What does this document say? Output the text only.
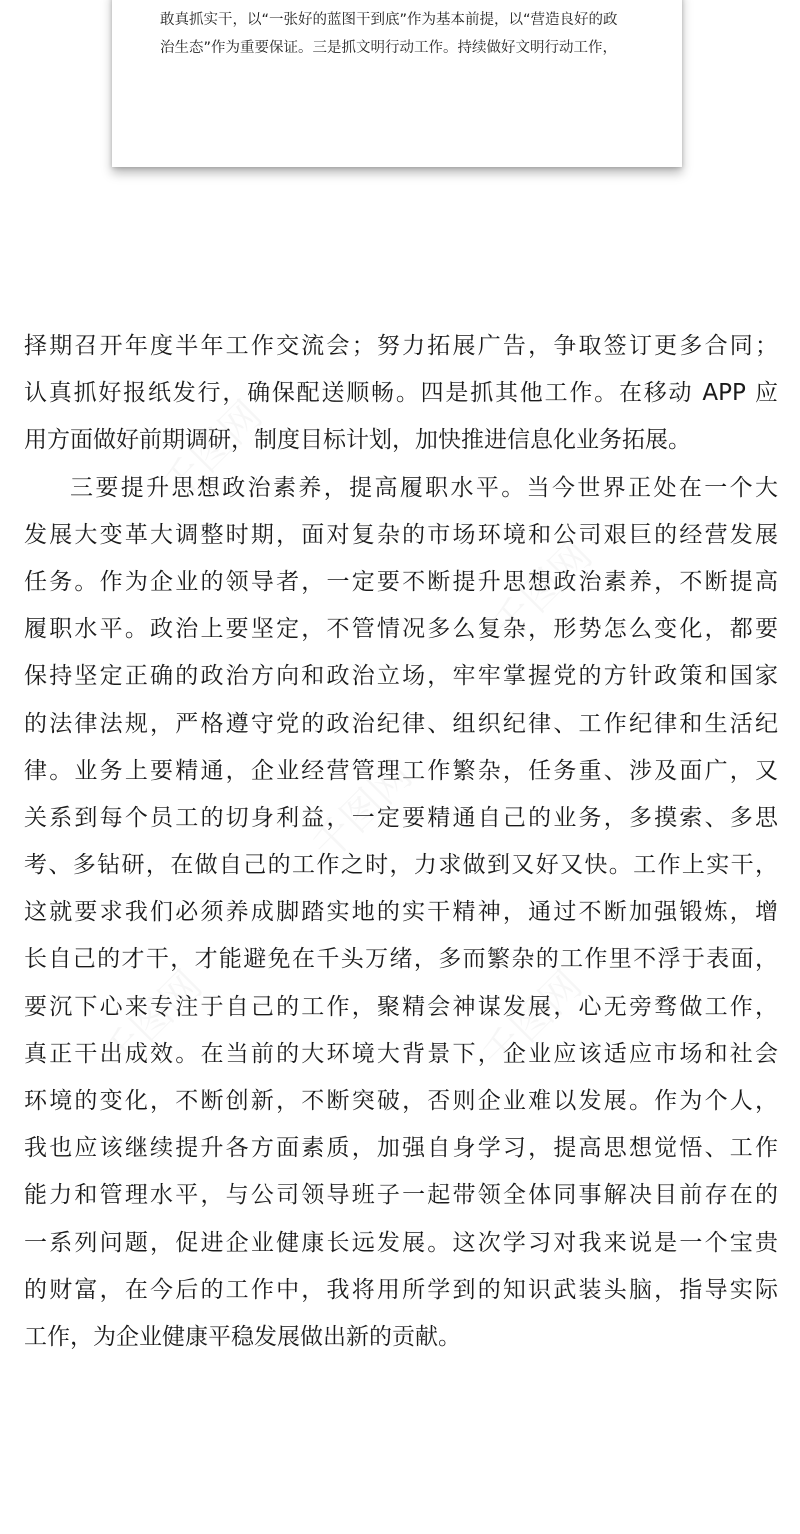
敢真抓实干，以“一张好的蓝图干到底”作为基本前提，以“营造良好的政
治生态”作为重要保证。三是抓文明行动工作。持续做好文明行动工作，
择期召开年度半年工作交流会；努力拓展广告，争取签订更多合同；
认真抓好报纸发行，确保配送顺畅。四是抓其他工作。在移动 APP 应
用方面做好前期调研，制度目标计划，加快推进信息化业务拓展。
三要提升思想政治素养，提高履职水平。当今世界正处在一个大
发展大变革大调整时期，面对复杂的市场环境和公司艰巨的经营发展
任务。作为企业的领导者，一定要不断提升思想政治素养，不断提高
履职水平。政治上要坚定，不管情况多么复杂，形势怎么变化，都要
保持坚定正确的政治方向和政治立场，牢牢掌握党的方针政策和国家
的法律法规，严格遵守党的政治纪律、组织纪律、工作纪律和生活纪
律。业务上要精通，企业经营管理工作繁杂，任务重、涉及面广，又
关系到每个员工的切身利益，一定要精通自己的业务，多摸索、多思
考、多钻研，在做自己的工作之时，力求做到又好又快。工作上实干，
这就要求我们必须养成脚踏实地的实干精神，通过不断加强锻炼，增
长自己的才干，才能避免在千头万绪，多而繁杂的工作里不浮于表面，
要沉下心来专注于自己的工作，聚精会神谋发展，心无旁骛做工作，
真正干出成效。在当前的大环境大背景下，企业应该适应市场和社会
环境的变化，不断创新，不断突破，否则企业难以发展。作为个人，
我也应该继续提升各方面素质，加强自身学习，提高思想觉悟、工作
能力和管理水平，与公司领导班子一起带领全体同事解决目前存在的
一系列问题，促进企业健康长远发展。这次学习对我来说是一个宝贵
的财富，在今后的工作中，我将用所学到的知识武装头脑，指导实际
工作，为企业健康平稳发展做出新的贡献。
